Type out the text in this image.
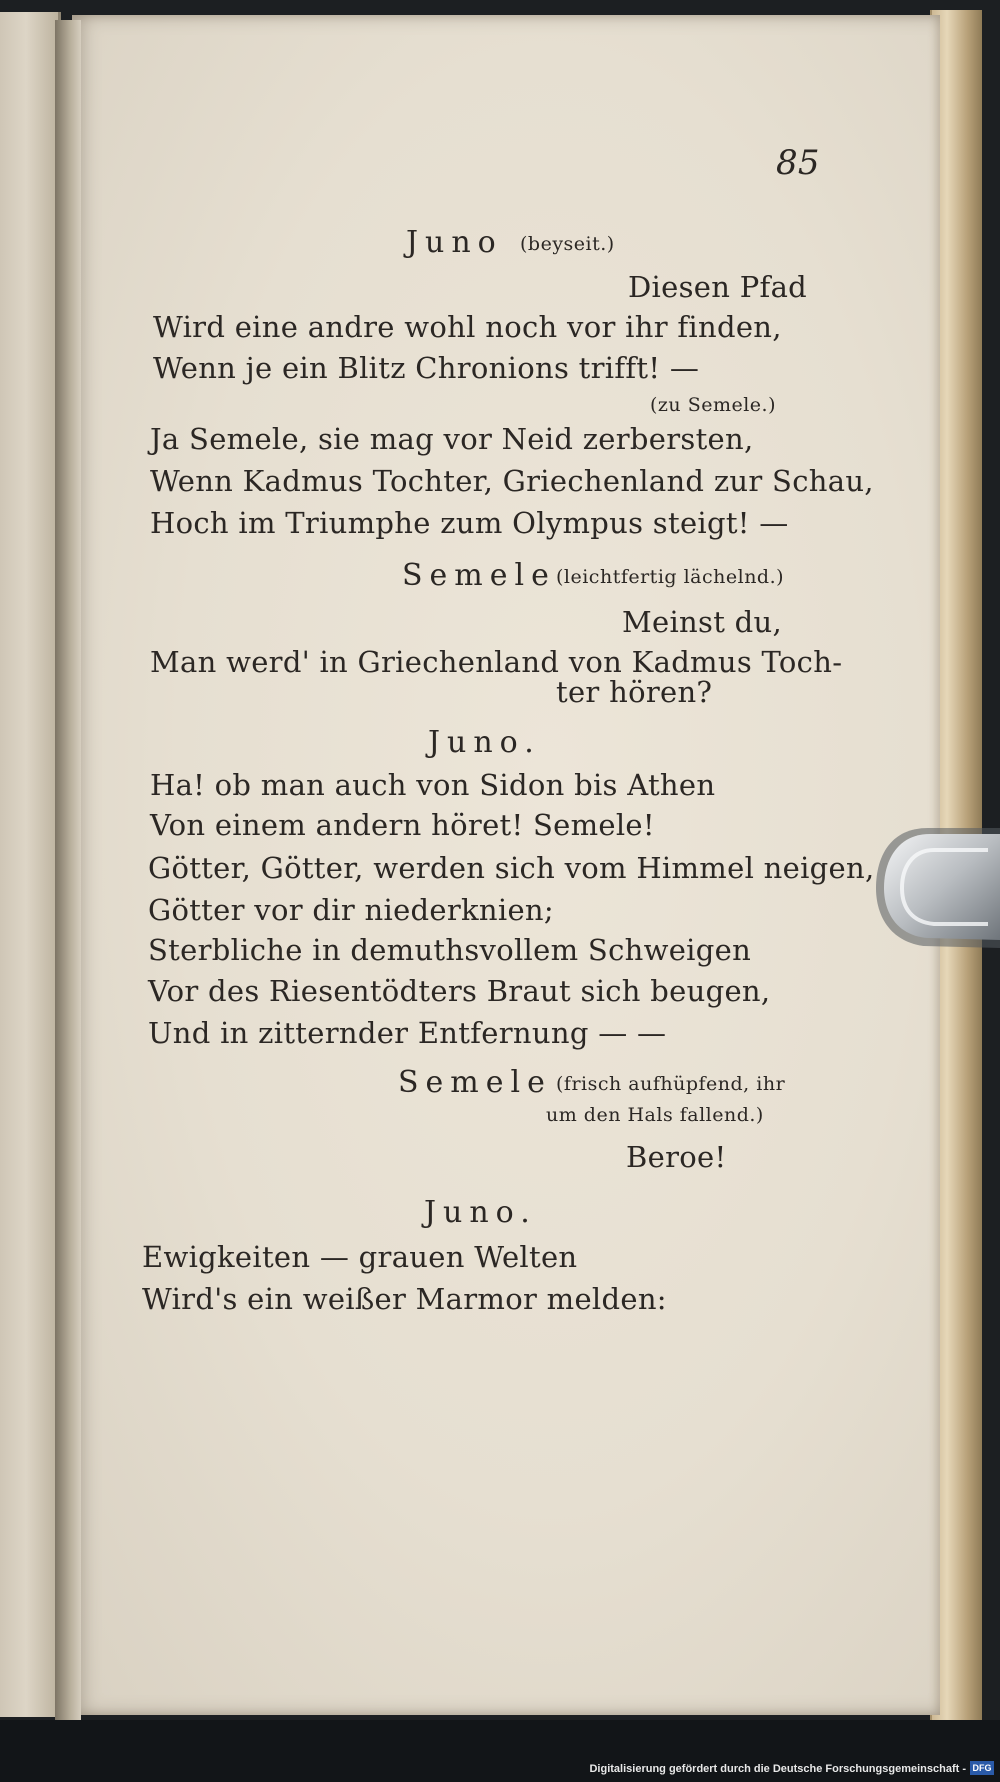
85
Juno (beyseit.)
Diesen Pfad
Wird eine andre wohl noch vor ihr finden,
Wenn je ein Blitz Chronions trifft! —
(zu Semele.)
Ja Semele, sie mag vor Neid zerbersten,
Wenn Kadmus Tochter, Griechenland zur Schau,
Hoch im Triumphe zum Olympus steigt! —
Semele (leichtfertig lächelnd.)
Meinst du,
Man werd' in Griechenland von Kadmus Toch-
ter hören?
Juno.
Ha! ob man auch von Sidon bis Athen
Von einem andern höret! Semele!
Götter, Götter, werden sich vom Himmel neigen,
Götter vor dir niederknien;
Sterbliche in demuthsvollem Schweigen
Vor des Riesentödters Braut sich beugen,
Und in zitternder Entfernung — —
Semele (frisch aufhüpfend, ihr
um den Hals fallend.)
Beroe!
Juno.
Ewigkeiten — grauen Welten
Wird's ein weißer Marmor melden:
Digitalisierung gefördert durch die Deutsche Forschungsgemeinschaft - DFG
